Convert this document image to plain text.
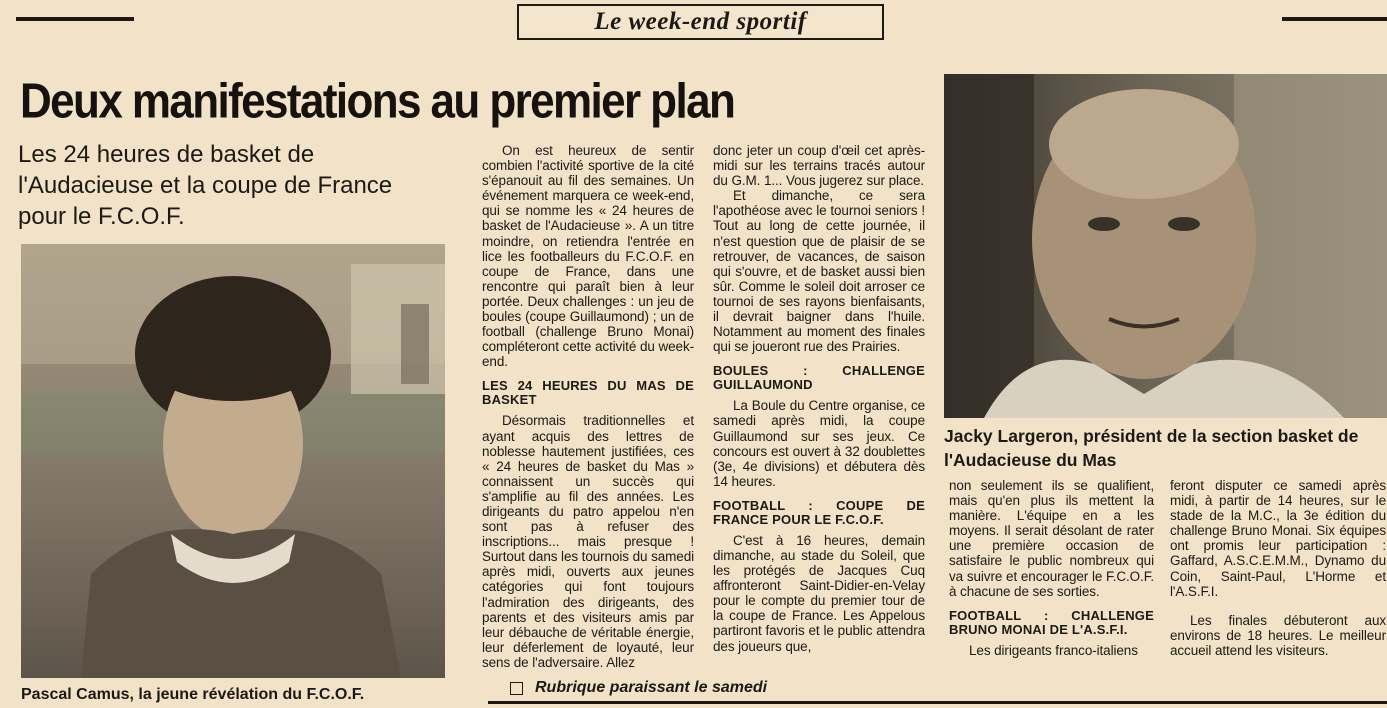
Le week-end sportif
Deux manifestations au premier plan
Les 24 heures de basket de l'Audacieuse et la coupe de France pour le F.C.O.F.

Pascal Camus, la jeune révélation du F.C.O.F.

Jacky Largeron, président de la section basket de l'Audacieuse du Mas

On est heureux de sentir combien l'activité sportive de la cité s'épanouit au fil des semaines. Un événement marquera ce week-end, qui se nomme les « 24 heures de basket de l'Audacieuse ». A un titre moindre, on retiendra l'entrée en lice les footballeurs du F.C.O.F. en coupe de France, dans une rencontre qui paraît bien à leur portée. Deux challenges : un jeu de boules (coupe Guillaumond) ; un de football (challenge Bruno Monai) compléteront cette activité du week-end.

LES 24 HEURES DU MAS DE BASKET

Désormais traditionnelles et ayant acquis des lettres de noblesse hautement justifiées, ces « 24 heures de basket du Mas » connaissent un succès qui s'amplifie au fil des années. Les dirigeants du patro appelou n'en sont pas à refuser des inscriptions... mais presque ! Surtout dans les tournois du samedi après midi, ouverts aux jeunes catégories qui font toujours l'admiration des dirigeants, des parents et des visiteurs amis par leur débauche de véritable énergie, leur déferlement de loyauté, leur sens de l'adversaire. Allez

donc jeter un coup d'œil cet après-midi sur les terrains tracés autour du G.M. 1... Vous jugerez sur place.

Et dimanche, ce sera l'apothéose avec le tournoi seniors ! Tout au long de cette journée, il n'est question que de plaisir de se retrouver, de vacances, de saison qui s'ouvre, et de basket aussi bien sûr. Comme le soleil doit arroser ce tournoi de ses rayons bienfaisants, il devrait baigner dans l'huile. Notamment au moment des finales qui se joueront rue des Prairies.

BOULES : CHALLENGE GUILLAUMOND

La Boule du Centre organise, ce samedi après midi, la coupe Guillaumond sur ses jeux. Ce concours est ouvert à 32 doublettes (3e, 4e divisions) et débutera dès 14 heures.

FOOTBALL : COUPE DE FRANCE POUR LE F.C.O.F.

C'est à 16 heures, demain dimanche, au stade du Soleil, que les protégés de Jacques Cuq affronteront Saint-Didier-en-Velay pour le compte du premier tour de la coupe de France. Les Appelous partiront favoris et le public attendra des joueurs que,

non seulement ils se qualifient, mais qu'en plus ils mettent la manière. L'équipe en a les moyens. Il serait désolant de rater une première occasion de satisfaire le public nombreux qui va suivre et encourager le F.C.O.F. à chacune de ses sorties.

FOOTBALL : CHALLENGE BRUNO MONAI DE L'A.S.F.I.

Les dirigeants franco-italiens

feront disputer ce samedi après midi, à partir de 14 heures, sur le stade de la M.C., la 3e édition du challenge Bruno Monai. Six équipes ont promis leur participation : Gaffard, A.S.C.E.M.M., Dynamo du Coin, Saint-Paul, L'Horme et l'A.S.F.I.

Les finales débuteront aux environs de 18 heures. Le meilleur accueil attend les visiteurs.

Rubrique paraissant le samedi
